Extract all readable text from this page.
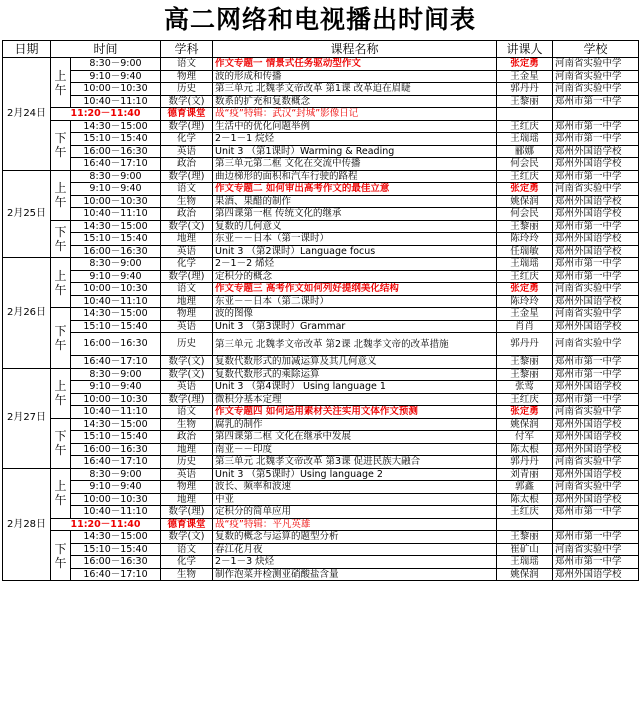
高二网络和电视播出时间表
日期	时间		学科	课程名称	讲课人	学校
2月24日	上午	8:30－9:00	语文	作文专题一 情景式任务驱动型作文	张定勇	河南省实验中学
		9:10－9:40	物理	波的形成和传播	王金星	河南省实验中学
		10:00－10:30	历史	第三单元 北魏孝文帝改革 第1课 改革迫在眉睫	郭丹丹	河南省实验中学
		10:40－11:10	数学(文)	数系的扩充和复数概念	王黎丽	郑州市第一中学
	11:20－11:40		德育课堂	战“疫”特辑：武汉“封城”影像日记		
	下午	14:30－15:00	数学(理)	生活中的优化问题举例	王红庆	郑州市第一中学
		15:10－15:40	化学	2－1－1 烷烃	王瑞瑶	郑州市第一中学
		16:00－16:30	英语	Unit 3 （第1课时）Warming & Reading	郦娜	郑州外国语学校
		16:40－17:10	政治	第三单元第二框 文化在交流中传播	何会民	郑州外国语学校
2月25日	上午	8:30－9:00	数学(理)	曲边梯形的面积和汽车行驶的路程	王红庆	郑州市第一中学
		9:10－9:40	语文	作文专题二 如何审出高考作文的最佳立意	张定勇	河南省实验中学
		10:00－10:30	生物	果酒、果醋的制作	姚保润	郑州外国语学校
		10:40－11:10	政治	第四课第一框 传统文化的继承	何会民	郑州外国语学校
	下午	14:30－15:00	数学(文)	复数的几何意义	王黎丽	郑州市第一中学
		15:10－15:40	地理	东亚－－日本（第一课时）	陈玲玲	郑州外国语学校
		16:00－16:30	英语	Unit 3 （第2课时）Language focus	任瑞敏	郑州外国语学校
2月26日	上午	8:30－9:00	化学	2－1－2 烯烃	王瑞瑶	郑州市第一中学
		9:10－9:40	数学(理)	定积分的概念	王红庆	郑州市第一中学
		10:00－10:30	语文	作文专题三 高考作文如何列好提纲美化结构	张定勇	河南省实验中学
		10:40－11:10	地理	东亚－－日本（第二课时）	陈玲玲	郑州外国语学校
	下午	14:30－15:00	物理	波的图像	王金星	河南省实验中学
		15:10－15:40	英语	Unit 3 （第3课时）Grammar	肖肖	郑州外国语学校
		16:00－16:30	历史	第三单元 北魏孝文帝改革 第2课 北魏孝文帝的改革措施	郭丹丹	河南省实验中学
		16:40－17:10	数学(文)	复数代数形式的加减运算及其几何意义	王黎丽	郑州市第一中学
2月27日	上午	8:30－9:00	数学(文)	复数代数形式的乘除运算	王黎丽	郑州市第一中学
		9:10－9:40	英语	Unit 3 （第4课时） Using language 1	张莺	郑州外国语学校
		10:00－10:30	数学(理)	微积分基本定理	王红庆	郑州市第一中学
		10:40－11:10	语文	作文专题四 如何运用素材关注实用文体作文预测	张定勇	河南省实验中学
	下午	14:30－15:00	生物	腐乳的制作	姚保润	郑州外国语学校
		15:10－15:40	政治	第四课第二框 文化在继承中发展	付军	郑州外国语学校
		16:00－16:30	地理	南亚－－印度	陈太根	郑州外国语学校
		16:40－17:10	历史	第三单元 北魏孝文帝改革 第3课 促进民族大融合	郭丹丹	河南省实验中学
2月28日	上午	8:30－9:00	英语	Unit 3 （第5课时）Using language 2	刘青丽	郑州外国语学校
		9:10－9:40	物理	波长、频率和波速	郭鑫	河南省实验中学
		10:00－10:30	地理	中亚	陈太根	郑州外国语学校
		10:40－11:10	数学(理)	定积分的简单应用	王红庆	郑州市第一中学
	11:20－11:40		德育课堂	战“疫”特辑：平凡英雄		
	下午	14:30－15:00	数学(文)	复数的概念与运算的题型分析	王黎丽	郑州市第一中学
		15:10－15:40	语文	春江花月夜	崔矿山	河南省实验中学
		16:00－16:30	化学	2－1－3 炔烃	王瑞瑶	郑州市第一中学
		16:40－17:10	生物	制作泡菜并检测亚硝酸盐含量	姚保润	郑州外国语学校
